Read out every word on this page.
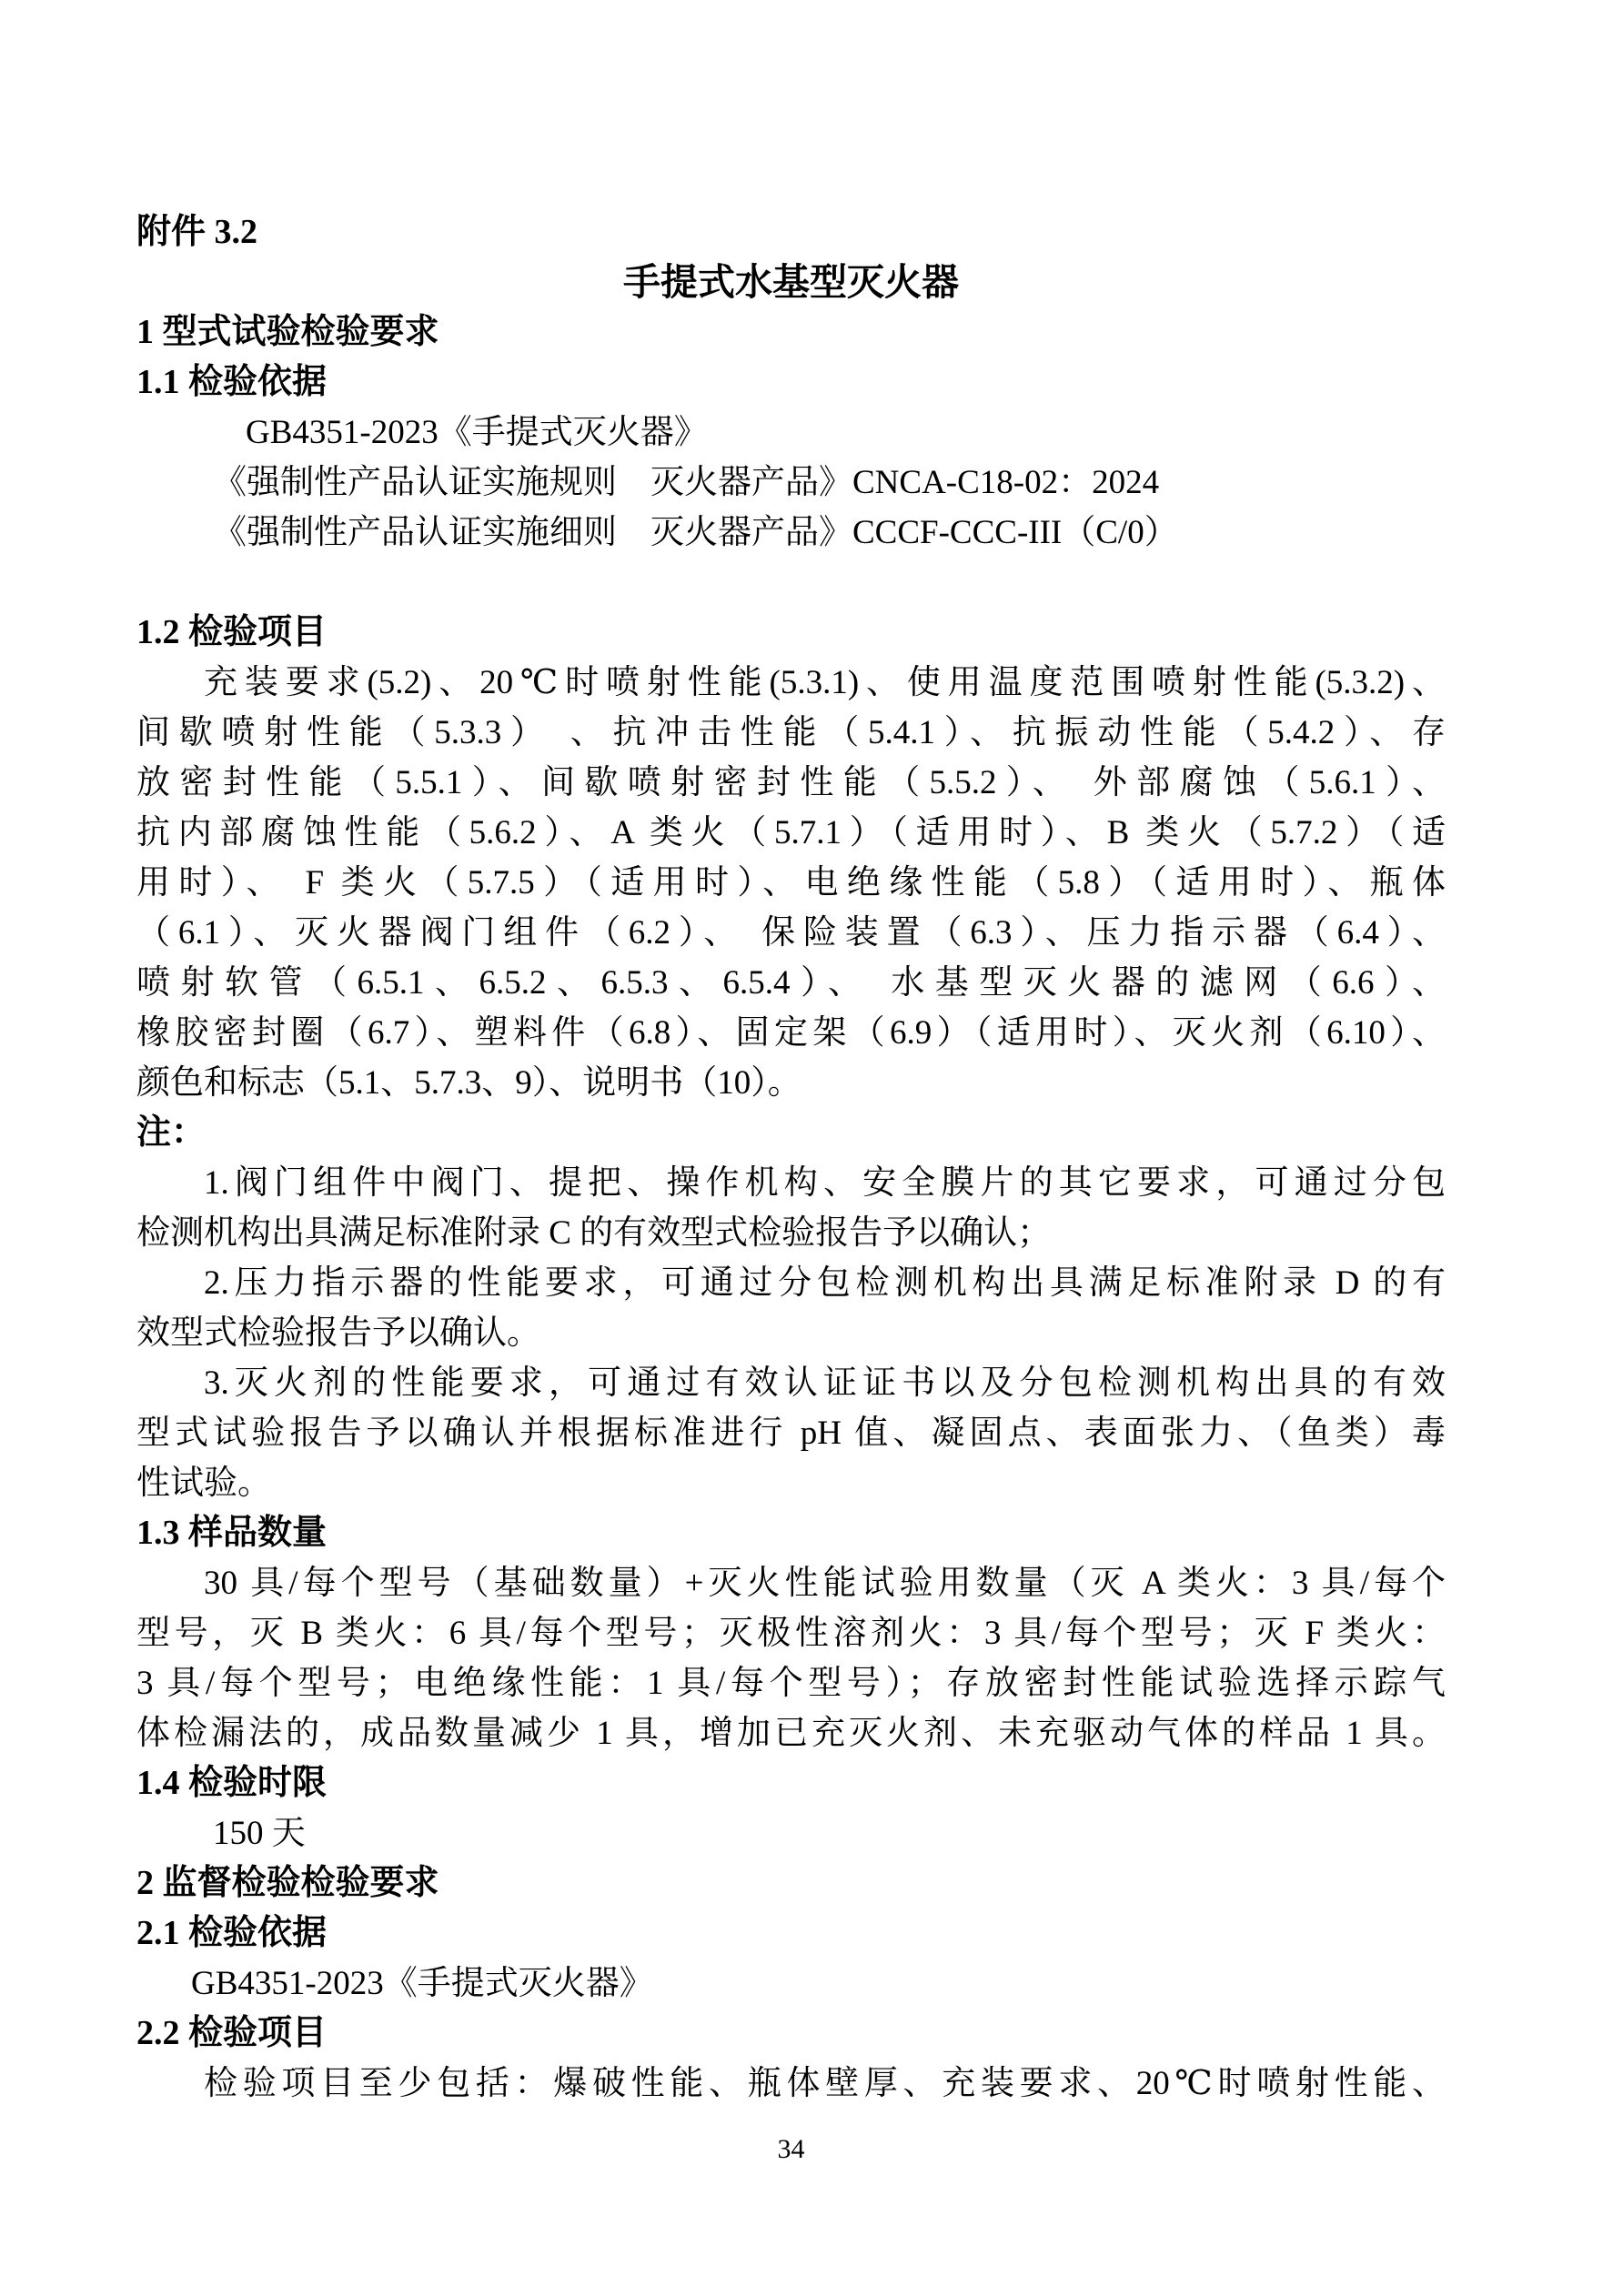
附件 3.2
手提式水基型灭火器
1 型式试验检验要求
1.1 检验依据
GB4351-2023《手提式灭火器》
《强制性产品认证实施规则　灭火器产品》CNCA-C18-02：2024
《强制性产品认证实施细则　灭火器产品》CCCF-CCC-III（C/0）
1.2 检验项目
充装要求(5.2)、20℃时喷射性能(5.3.1)、使用温度范围喷射性能(5.3.2)、
间歇喷射性能（5.3.3） 、抗冲击性能（5.4.1）、抗振动性能（5.4.2）、存
放密封性能（5.5.1）、间歇喷射密封性能（5.5.2）、 外部腐蚀（5.6.1）、
抗内部腐蚀性能（5.6.2）、A 类火（5.7.1）（适用时）、B 类火（5.7.2）（适
用时）、 F 类火（5.7.5）（适用时）、电绝缘性能（5.8）（适用时）、瓶体
（6.1）、灭火器阀门组件（6.2）、 保险装置（6.3）、压力指示器（6.4）、
喷射软管（6.5.1、6.5.2、6.5.3、6.5.4）、 水基型灭火器的滤网（6.6）、
橡胶密封圈（6.7）、塑料件（6.8）、固定架（6.9）（适用时）、灭火剂（6.10）、
颜色和标志（5.1、5.7.3、9）、说明书（10）。
注：
1.阀门组件中阀门、提把、操作机构、安全膜片的其它要求，可通过分包
检测机构出具满足标准附录 C 的有效型式检验报告予以确认；
2.压力指示器的性能要求，可通过分包检测机构出具满足标准附录 D 的有
效型式检验报告予以确认。
3.灭火剂的性能要求，可通过有效认证证书以及分包检测机构出具的有效
型式试验报告予以确认并根据标准进行 pH 值、凝固点、表面张力、（鱼类）毒
性试验。
1.3 样品数量
30 具/每个型号（基础数量）+灭火性能试验用数量（灭 A 类火：3 具/每个
型号，灭 B 类火：6 具/每个型号；灭极性溶剂火：3 具/每个型号；灭 F 类火：
3 具/每个型号；电绝缘性能：1 具/每个型号）；存放密封性能试验选择示踪气
体检漏法的，成品数量减少 1 具，增加已充灭火剂、未充驱动气体的样品 1 具。
1.4 检验时限
150 天
2 监督检验检验要求
2.1 检验依据
GB4351-2023《手提式灭火器》
2.2 检验项目
检验项目至少包括：爆破性能、瓶体壁厚、充装要求、20℃时喷射性能、
34
